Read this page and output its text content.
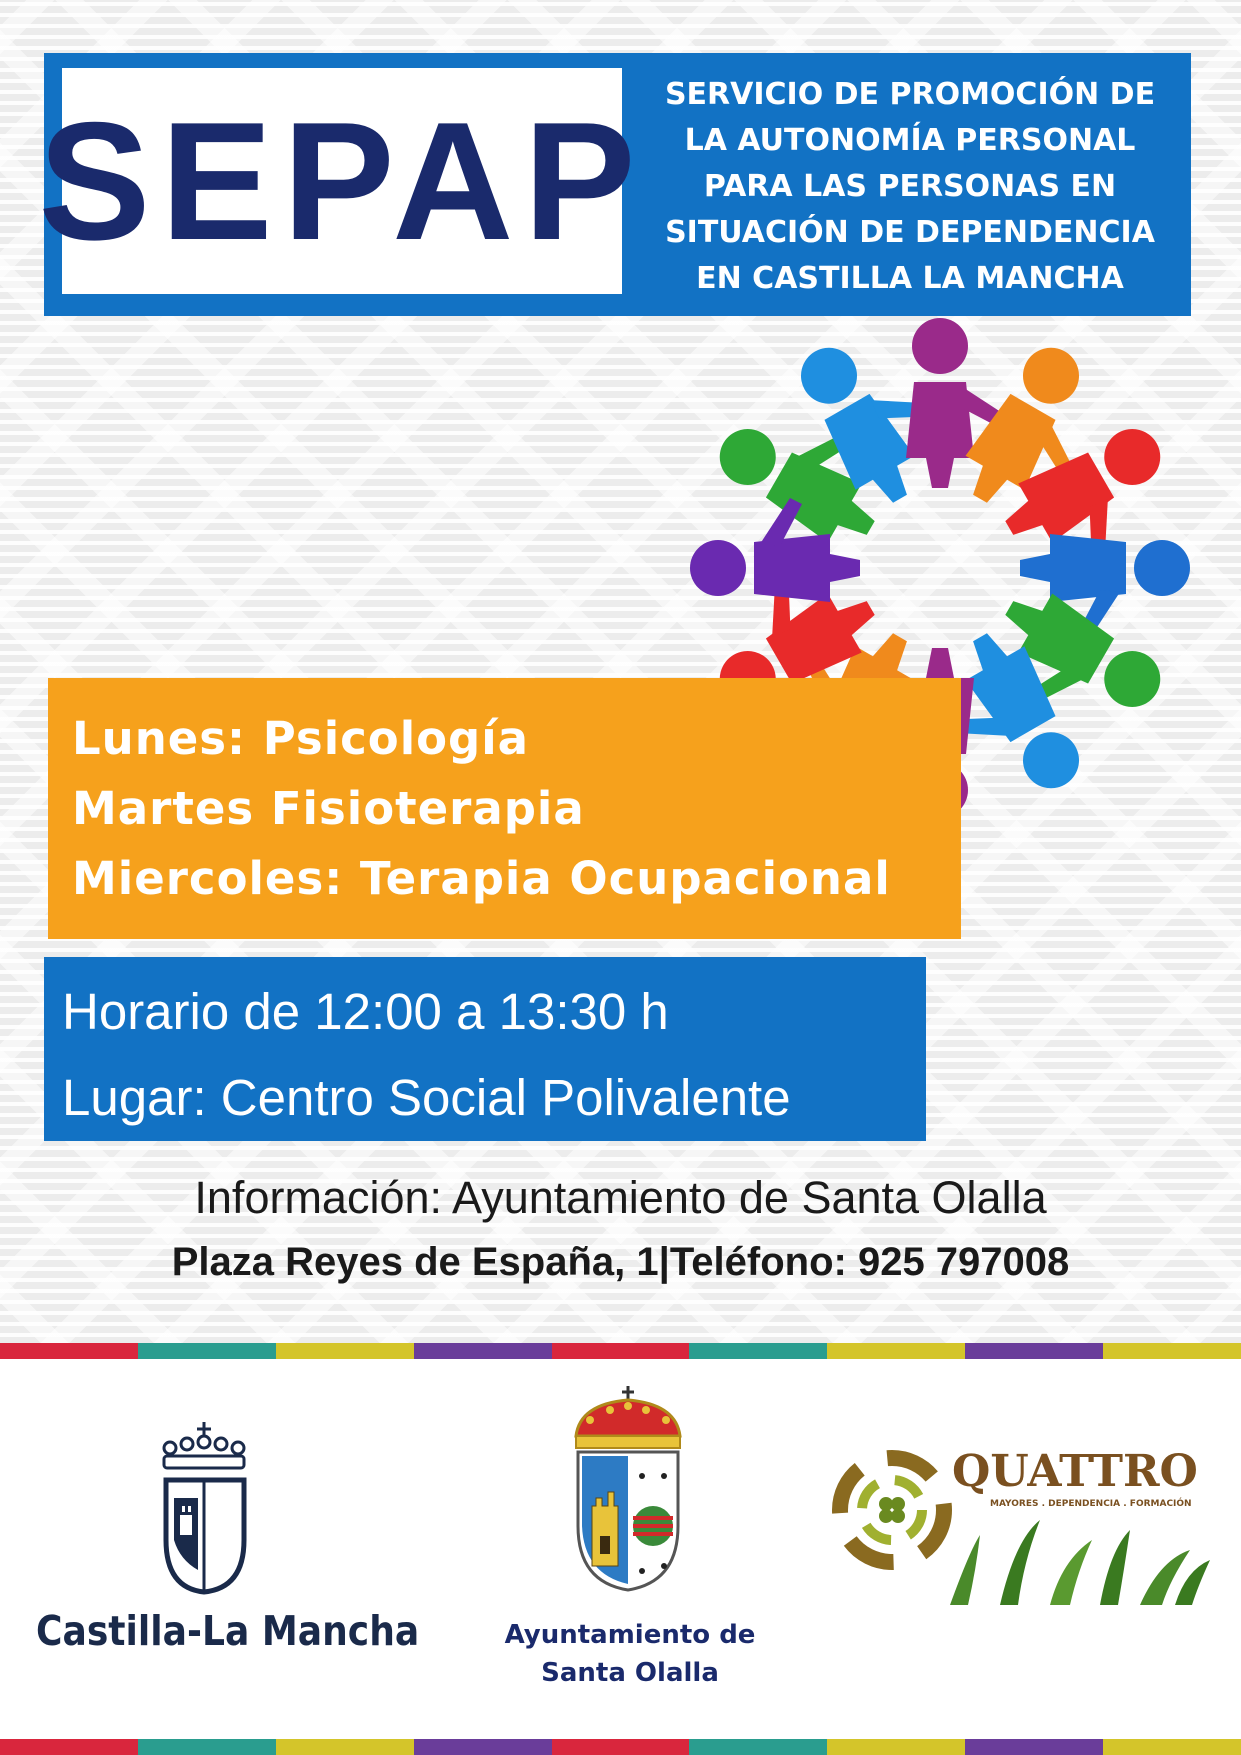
SEPAP SERVICIO DE PROMOCIÓN DE
LA AUTONOMÍA PERSONAL
PARA LAS PERSONAS EN
SITUACIÓN DE DEPENDENCIA
EN CASTILLA LA MANCHA
Lunes: Psicología
Martes Fisioterapia
Miercoles: Terapia Ocupacional
Horario de 12:00 a 13:30 h
Lugar: Centro Social Polivalente
Información: Ayuntamiento de Santa Olalla
Plaza Reyes de España, 1|Teléfono: 925 797008
Castilla-La Mancha	Ayuntamiento de
Santa Olalla
QUATTRO
MAYORES . DEPENDENCIA . FORMACIÓN
